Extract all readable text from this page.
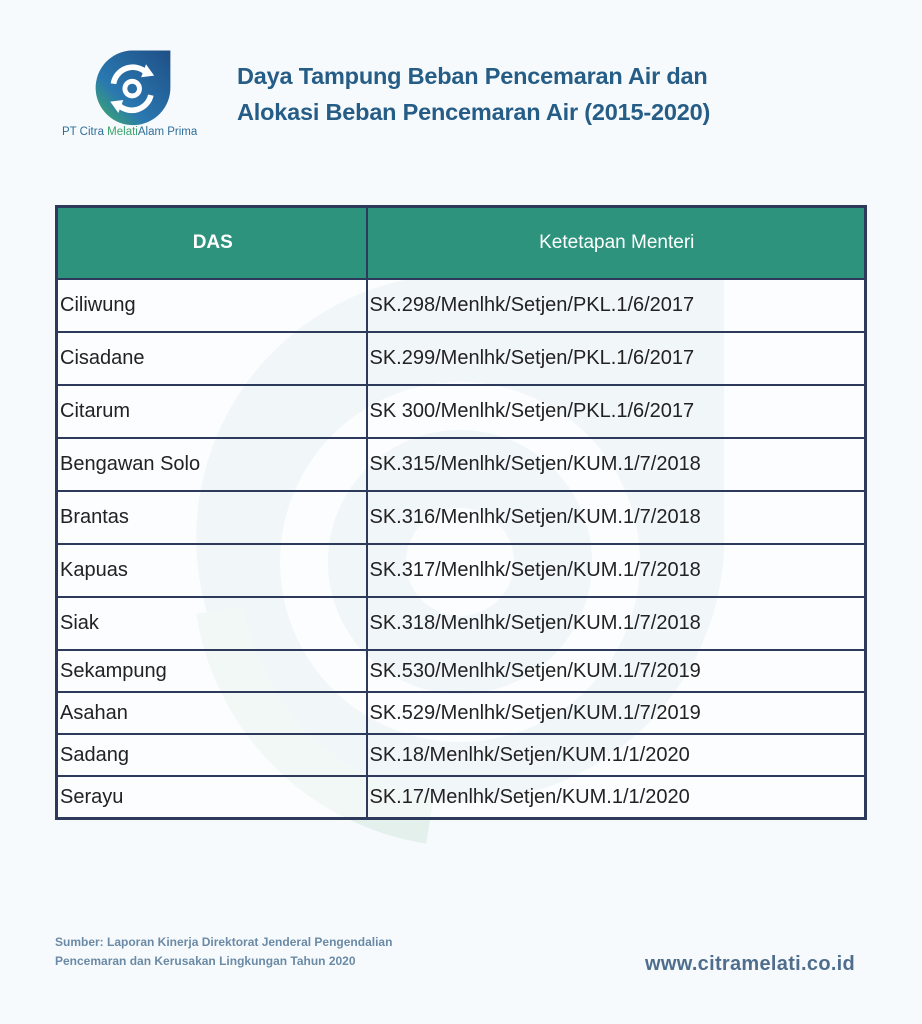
PT Citra MelatiAlam Prima
Daya Tampung Beban Pencemaran Air dan
Alokasi Beban Pencemaran Air (2015-2020)
DAS	Ketetapan Menteri
Ciliwung	SK.298/Menlhk/Setjen/PKL.1/6/2017
Cisadane	SK.299/Menlhk/Setjen/PKL.1/6/2017
Citarum	SK 300/Menlhk/Setjen/PKL.1/6/2017
Bengawan Solo	SK.315/Menlhk/Setjen/KUM.1/7/2018
Brantas	SK.316/Menlhk/Setjen/KUM.1/7/2018
Kapuas	SK.317/Menlhk/Setjen/KUM.1/7/2018
Siak	SK.318/Menlhk/Setjen/KUM.1/7/2018
Sekampung	SK.530/Menlhk/Setjen/KUM.1/7/2019
Asahan	SK.529/Menlhk/Setjen/KUM.1/7/2019
Sadang	SK.18/Menlhk/Setjen/KUM.1/1/2020
Serayu	SK.17/Menlhk/Setjen/KUM.1/1/2020
Sumber: Laporan Kinerja Direktorat Jenderal Pengendalian
Pencemaran dan Kerusakan Lingkungan Tahun 2020	www.citramelati.co.id
